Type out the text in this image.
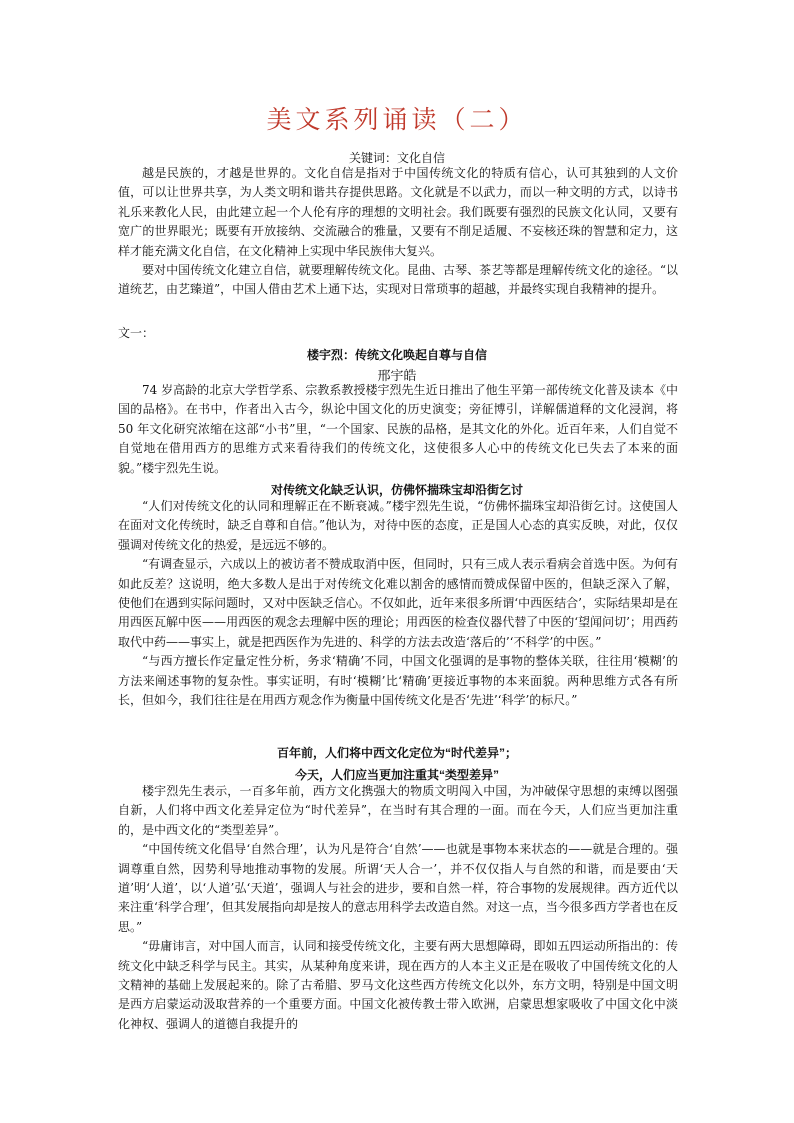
美文系列诵读（二）
关键词：文化自信

越是民族的，才越是世界的。文化自信是指对于中国传统文化的特质有信心，认可其独到的人文价值，可以让世界共享，为人类文明和谐共存提供思路。文化就是不以武力，而以一种文明的方式，以诗书礼乐来教化人民，由此建立起一个人伦有序的理想的文明社会。我们既要有强烈的民族文化认同，又要有宽广的世界眼光；既要有开放接纳、交流融合的雅量，又要有不削足适履、不妄核还珠的智慧和定力，这样才能充满文化自信，在文化精神上实现中华民族伟大复兴。

要对中国传统文化建立自信，就要理解传统文化。昆曲、古琴、茶艺等都是理解传统文化的途径。“以道统艺，由艺臻道”，中国人借由艺术上通下达，实现对日常琐事的超越，并最终实现自我精神的提升。

文一：
楼宇烈：传统文化唤起自尊与自信
邢宇皓

74 岁高龄的北京大学哲学系、宗教系教授楼宇烈先生近日推出了他生平第一部传统文化普及读本《中国的品格》。在书中，作者出入古今，纵论中国文化的历史演变；旁征博引，详解儒道释的文化浸润，将 50 年文化研究浓缩在这部“小书”里，“一个国家、民族的品格，是其文化的外化。近百年来，人们自觉不自觉地在借用西方的思维方式来看待我们的传统文化，这使很多人心中的传统文化已失去了本来的面貌。”楼宇烈先生说。

对传统文化缺乏认识，仿佛怀揣珠宝却沿街乞讨

“人们对传统文化的认同和理解正在不断衰减。”楼宇烈先生说，“仿佛怀揣珠宝却沿街乞讨。这使国人在面对文化传统时，缺乏自尊和自信。”他认为，对待中医的态度，正是国人心态的真实反映，对此，仅仅强调对传统文化的热爱，是远远不够的。

“有调查显示，六成以上的被访者不赞成取消中医，但同时，只有三成人表示看病会首选中医。为何有如此反差？这说明，绝大多数人是出于对传统文化难以割舍的感情而赞成保留中医的，但缺乏深入了解，使他们在遇到实际问题时，又对中医缺乏信心。不仅如此，近年来很多所谓‘中西医结合’，实际结果却是在用西医瓦解中医——用西医的观念去理解中医的理论；用西医的检查仪器代替了中医的‘望闻问切’；用西药取代中药——事实上，就是把西医作为先进的、科学的方法去改造‘落后的’‘不科学’的中医。”

“与西方擅长作定量定性分析，务求‘精确’不同，中国文化强调的是事物的整体关联，往往用‘模糊’的方法来阐述事物的复杂性。事实证明，有时‘模糊’比‘精确’更接近事物的本来面貌。两种思维方式各有所长，但如今，我们往往是在用西方观念作为衡量中国传统文化是否‘先进’‘科学’的标尺。”

百年前，人们将中西文化定位为“时代差异”；
今天，人们应当更加注重其“类型差异”

楼宇烈先生表示，一百多年前，西方文化携强大的物质文明闯入中国，为冲破保守思想的束缚以图强自新，人们将中西文化差异定位为“时代差异”，在当时有其合理的一面。而在今天，人们应当更加注重的，是中西文化的“类型差异”。

“中国传统文化倡导‘自然合理’，认为凡是符合‘自然’——也就是事物本来状态的——就是合理的。强调尊重自然，因势利导地推动事物的发展。所谓‘天人合一’，并不仅仅指人与自然的和谐，而是要由‘天道’明‘人道’，以‘人道’弘‘天道’，强调人与社会的进步，要和自然一样，符合事物的发展规律。西方近代以来注重‘科学合理’，但其发展指向却是按人的意志用科学去改造自然。对这一点，当今很多西方学者也在反思。”

“毋庸讳言，对中国人而言，认同和接受传统文化，主要有两大思想障碍，即如五四运动所指出的：传统文化中缺乏科学与民主。其实，从某种角度来讲，现在西方的人本主义正是在吸收了中国传统文化的人文精神的基础上发展起来的。除了古希腊、罗马文化这些西方传统文化以外，东方文明，特别是中国文明是西方启蒙运动汲取营养的一个重要方面。中国文化被传教士带入欧洲，启蒙思想家吸收了中国文化中淡化神权、强调人的道德自我提升的
